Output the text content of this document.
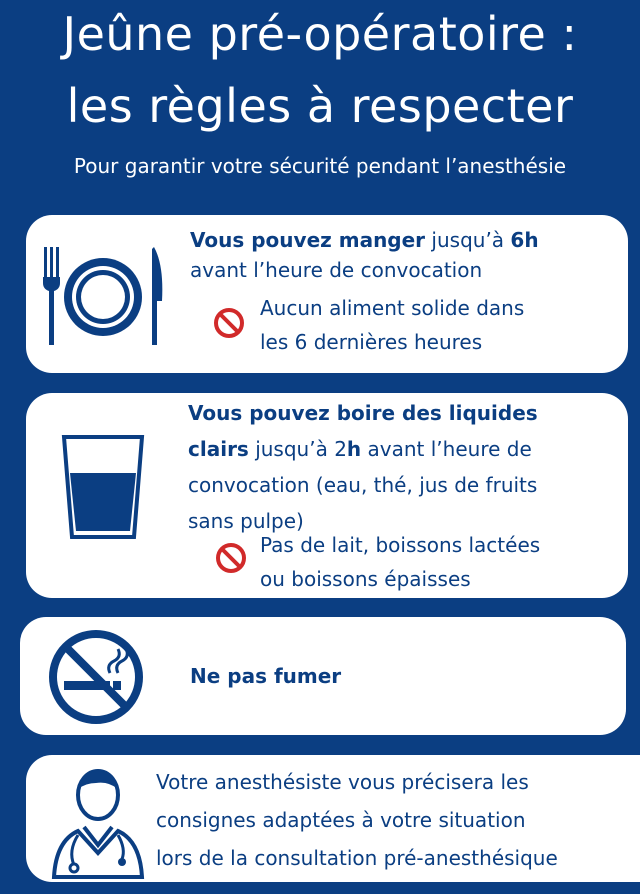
Jeûne pré-opératoire :
les règles à respecter

Pour garantir votre sécurité pendant l’anesthésie

Vous pouvez manger jusqu’à 6h
avant l’heure de convocation
Aucun aliment solide dans
les 6 dernières heures
Vous pouvez boire des liquides
clairs jusqu’à 2h avant l’heure de
convocation (eau, thé, jus de fruits
sans pulpe)
Pas de lait, boissons lactées
ou boissons épaisses
Ne pas fumer
Votre anesthésiste vous précisera les
consignes adaptées à votre situation
lors de la consultation pré-anesthésique
